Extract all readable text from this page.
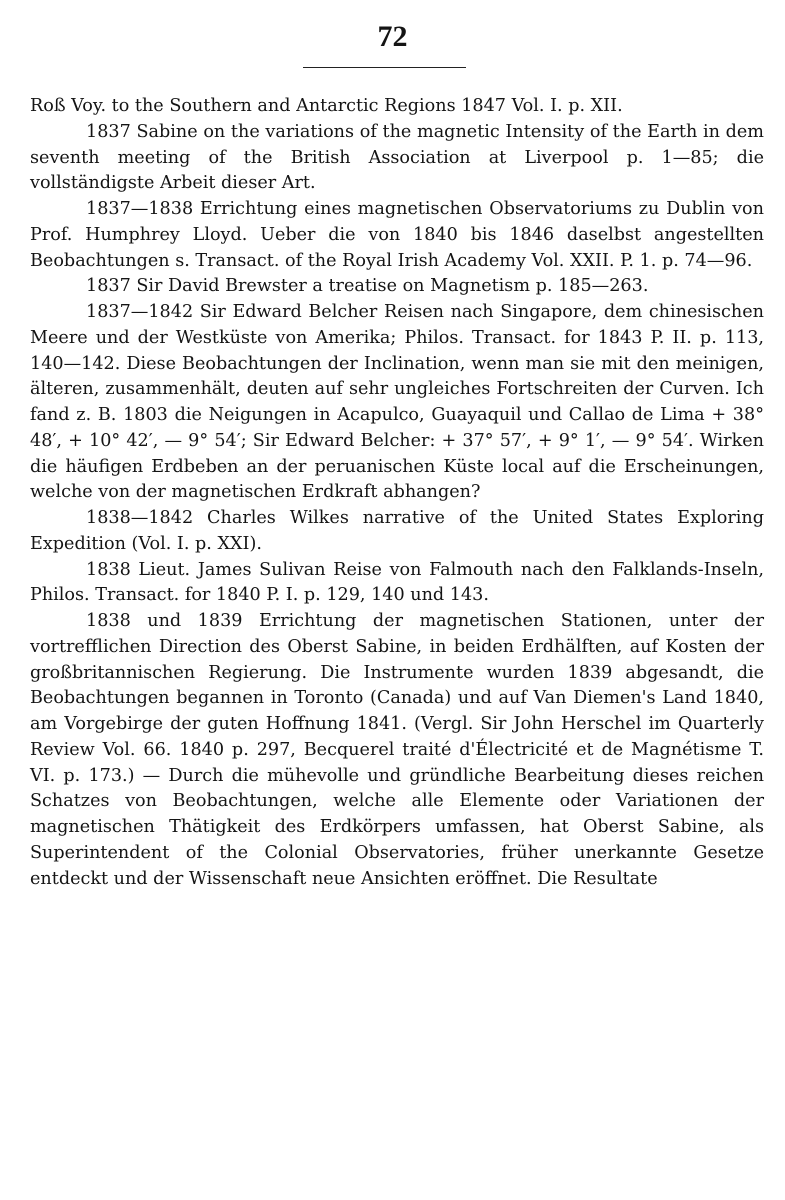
72

Roß Voy. to the Southern and Antarctic Regions 1847 Vol. I. p. XII.

1837 Sabine on the variations of the magnetic Intensity of the Earth in dem seventh meeting of the British Association at Liverpool p. 1—85; die vollständigste Arbeit dieser Art.

1837—1838 Errichtung eines magnetischen Observatoriums zu Dublin von Prof. Humphrey Lloyd. Ueber die von 1840 bis 1846 daselbst angestellten Beobachtungen s. Transact. of the Royal Irish Academy Vol. XXII. P. 1. p. 74—96.

1837 Sir David Brewster a treatise on Magnetism p. 185—263.

1837—1842 Sir Edward Belcher Reisen nach Singapore, dem chinesischen Meere und der Westküste von Amerika; Philos. Transact. for 1843 P. II. p. 113, 140—142. Diese Beobachtungen der Inclination, wenn man sie mit den meinigen, älteren, zusammenhält, deuten auf sehr ungleiches Fortschreiten der Curven. Ich fand z. B. 1803 die Neigungen in Acapulco, Guayaquil und Callao de Lima + 38° 48′, + 10° 42′, — 9° 54′; Sir Edward Belcher: + 37° 57′, + 9° 1′, — 9° 54′. Wirken die häufigen Erdbeben an der peruanischen Küste local auf die Erscheinungen, welche von der magnetischen Erdkraft abhangen?

1838—1842 Charles Wilkes narrative of the United States Exploring Expedition (Vol. I. p. XXI).

1838 Lieut. James Sulivan Reise von Falmouth nach den Falklands-Inseln, Philos. Transact. for 1840 P. I. p. 129, 140 und 143.

1838 und 1839 Errichtung der magnetischen Stationen, unter der vortrefflichen Direction des Oberst Sabine, in beiden Erdhälften, auf Kosten der großbritannischen Regierung. Die Instrumente wurden 1839 abgesandt, die Beobachtungen begannen in Toronto (Canada) und auf Van Diemen's Land 1840, am Vorgebirge der guten Hoffnung 1841. (Vergl. Sir John Herschel im Quarterly Review Vol. 66. 1840 p. 297, Becquerel traité d'Électricité et de Magnétisme T. VI. p. 173.) — Durch die mühevolle und gründliche Bearbeitung dieses reichen Schatzes von Beobachtungen, welche alle Elemente oder Variationen der magnetischen Thätigkeit des Erdkörpers umfassen, hat Oberst Sabine, als Superintendent of the Colonial Observatories, früher unerkannte Gesetze entdeckt und der Wissenschaft neue Ansichten eröffnet. Die Resultate
